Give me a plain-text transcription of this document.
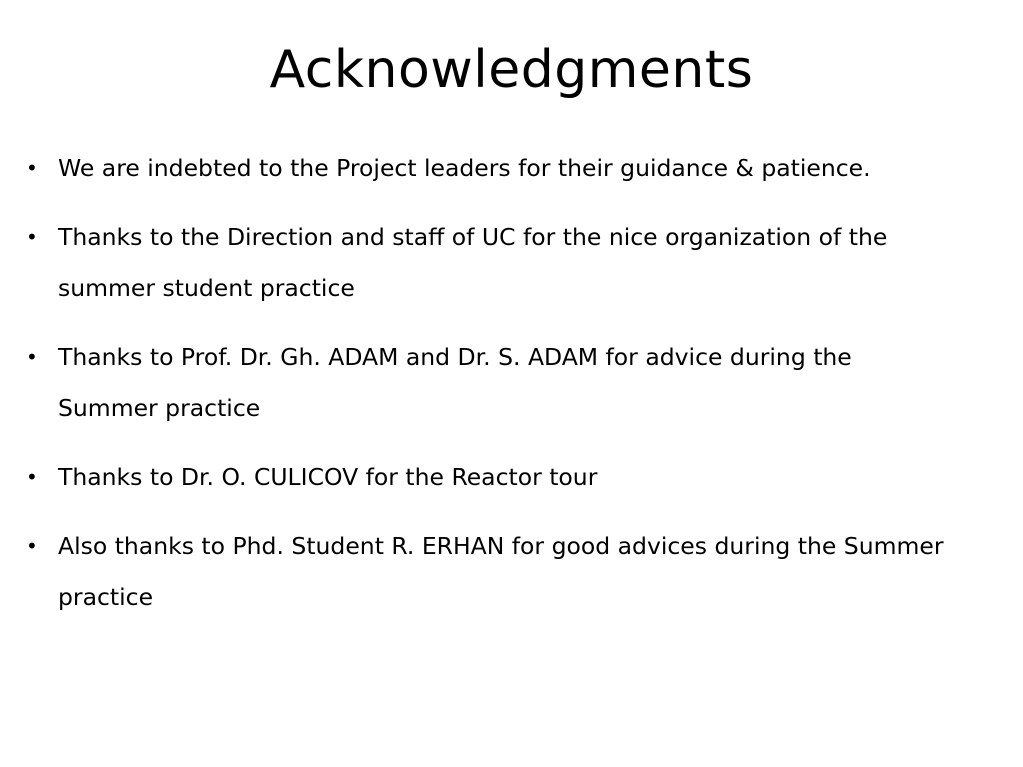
Acknowledgments
• We are indebted to the Project leaders for their guidance & patience.
• Thanks to the Direction and staff of UC for the nice organization of the summer student practice
• Thanks to Prof. Dr. Gh. ADAM and Dr. S. ADAM for advice during the Summer practice
• Thanks to Dr. O. CULICOV for the Reactor tour
• Also thanks to Phd. Student R. ERHAN for good advices during the Summer practice
